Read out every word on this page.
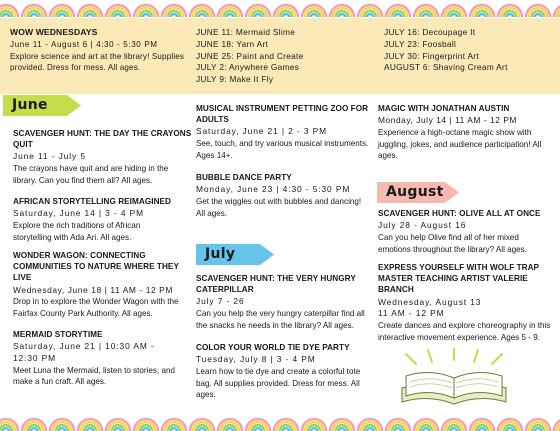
WOW WEDNESDAYS
June 11 - August 6 | 4:30 - 5:30 PM
Explore science and art at the library! Supplies
provided. Dress for mess. All ages.
JUNE 11: Mermaid Slime
JUNE 18: Yarn Art
JUNE 25: Paint and Create
JULY 2: Anywhere Games
JULY 9: Make It Fly
JULY 16: Decoupage It
JULY 23: Foosball
JULY 30: Fingerprint Art
AUGUST 6: Shaving Cream Art
June
July
August
SCAVENGER HUNT: THE DAY THE CRAYONS
QUIT
June 11 - July 5
The crayons have quit and are hiding in the
library. Can you find them all? All ages.
AFRICAN STORYTELLING REIMAGINED
Saturday, June 14 | 3 - 4 PM
Explore the rich traditions of African
storytelling with Ada Ari. All ages.
WONDER WAGON: CONNECTING
COMMUNITIES TO NATURE WHERE THEY
LIVE
Wednesday, June 18 | 11 AM - 12 PM
Drop in to explore the Wonder Wagon with the
Fairfax County Park Authority. All ages.
MERMAID STORYTIME
Saturday, June 21 | 10:30 AM -
12:30 PM
Meet Luna the Mermaid, listen to stories, and
make a fun craft. All ages.
MUSICAL INSTRUMENT PETTING ZOO FOR
ADULTS
Saturday, June 21 | 2 - 3 PM
See, touch, and try various musical instruments.
Ages 14+.
BUBBLE DANCE PARTY
Monday, June 23 | 4:30 - 5:30 PM
Get the wiggles out with bubbles and dancing!
All ages.
SCAVENGER HUNT: THE VERY HUNGRY
CATERPILLAR
July 7 - 26
Can you help the very hungry caterpillar find all
the snacks he needs in the library? All ages.
COLOR YOUR WORLD TIE DYE PARTY
Tuesday, July 8 | 3 - 4 PM
Learn how to tie dye and create a colorful tote
bag. All supplies provided. Dress for mess. All
ages.
MAGIC WITH JONATHAN AUSTIN
Monday, July 14 | 11 AM - 12 PM
Experience a high-octane magic show with
juggling, jokes, and audience participation! All
ages.
SCAVENGER HUNT: OLIVE ALL AT ONCE
July 28 - August 16
Can you help Olive find all of her mixed
emotions throughout the library? All ages.
EXPRESS YOURSELF WITH WOLF TRAP
MASTER TEACHING ARTIST VALERIE
BRANCH
Wednesday, August 13
11 AM - 12 PM
Create dances and explore choreography in this
interactive movement experience. Ages 5 - 9.
